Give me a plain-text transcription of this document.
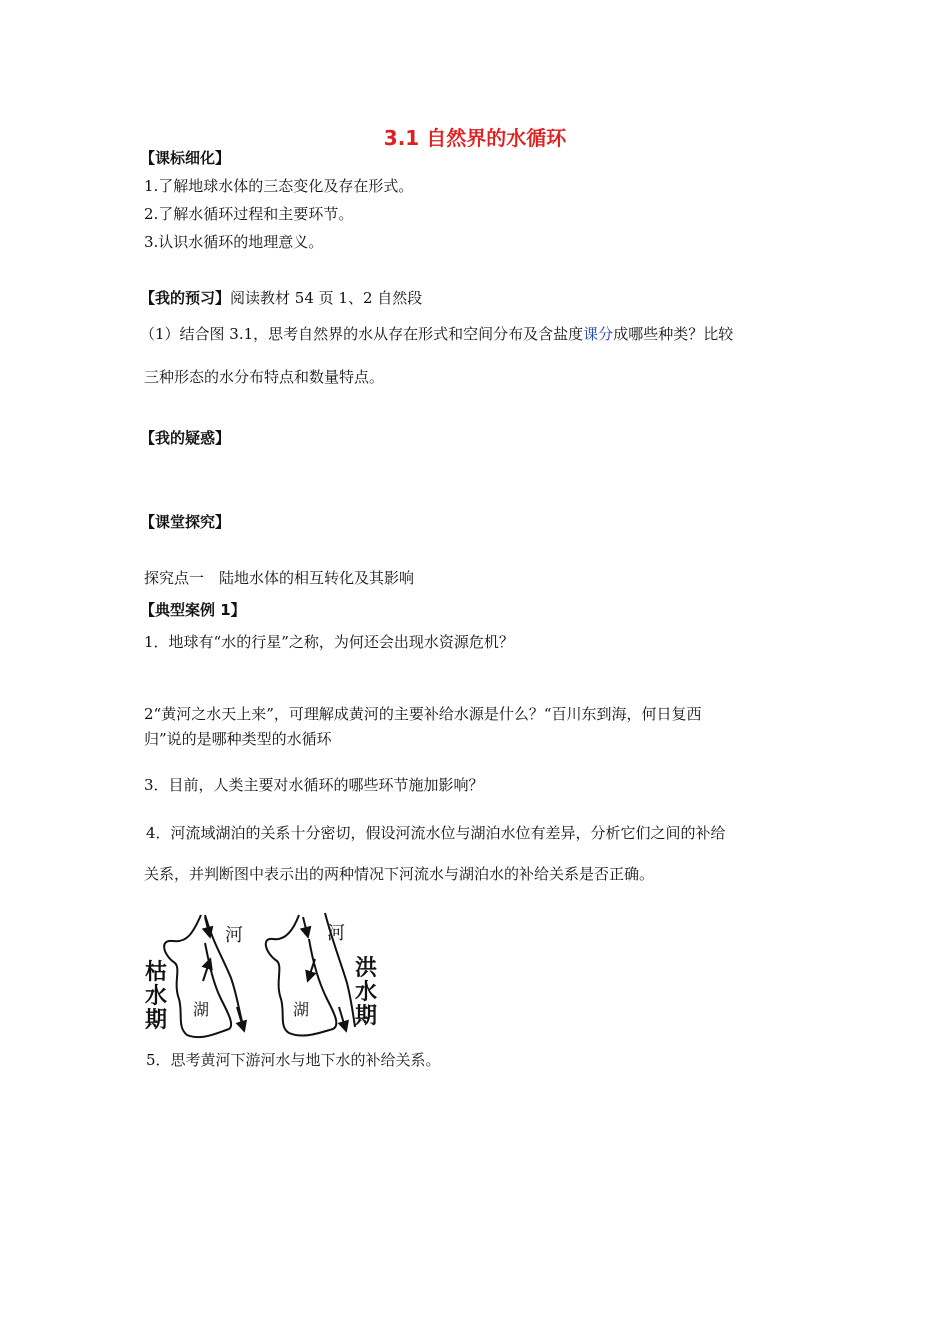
3.1 自然界的水循环
【课标细化】
1.了解地球水体的三态变化及存在形式。
2.了解水循环过程和主要环节。
3.认识水循环的地理意义。
【我的预习】阅读教材 54 页 1、2 自然段
（1）结合图 3.1，思考自然界的水从存在形式和空间分布及含盐度课分成哪些种类？比较
三种形态的水分布特点和数量特点。
【我的疑惑】
【课堂探究】
探究点一　陆地水体的相互转化及其影响
【典型案例 1】
1．地球有“水的行星”之称，为何还会出现水资源危机？
2“黄河之水天上来”，可理解成黄河的主要补给水源是什么？“百川东到海，何日复西
归”说的是哪种类型的水循环
3．目前，人类主要对水循环的哪些环节施加影响？
4．河流域湖泊的关系十分密切，假设河流水位与湖泊水位有差异，分析它们之间的补给
关系，并判断图中表示出的两种情况下河流水与湖泊水的补给关系是否正确。
河
湖
枯
水
期
河
湖
洪
水
期
5．思考黄河下游河水与地下水的补给关系。
